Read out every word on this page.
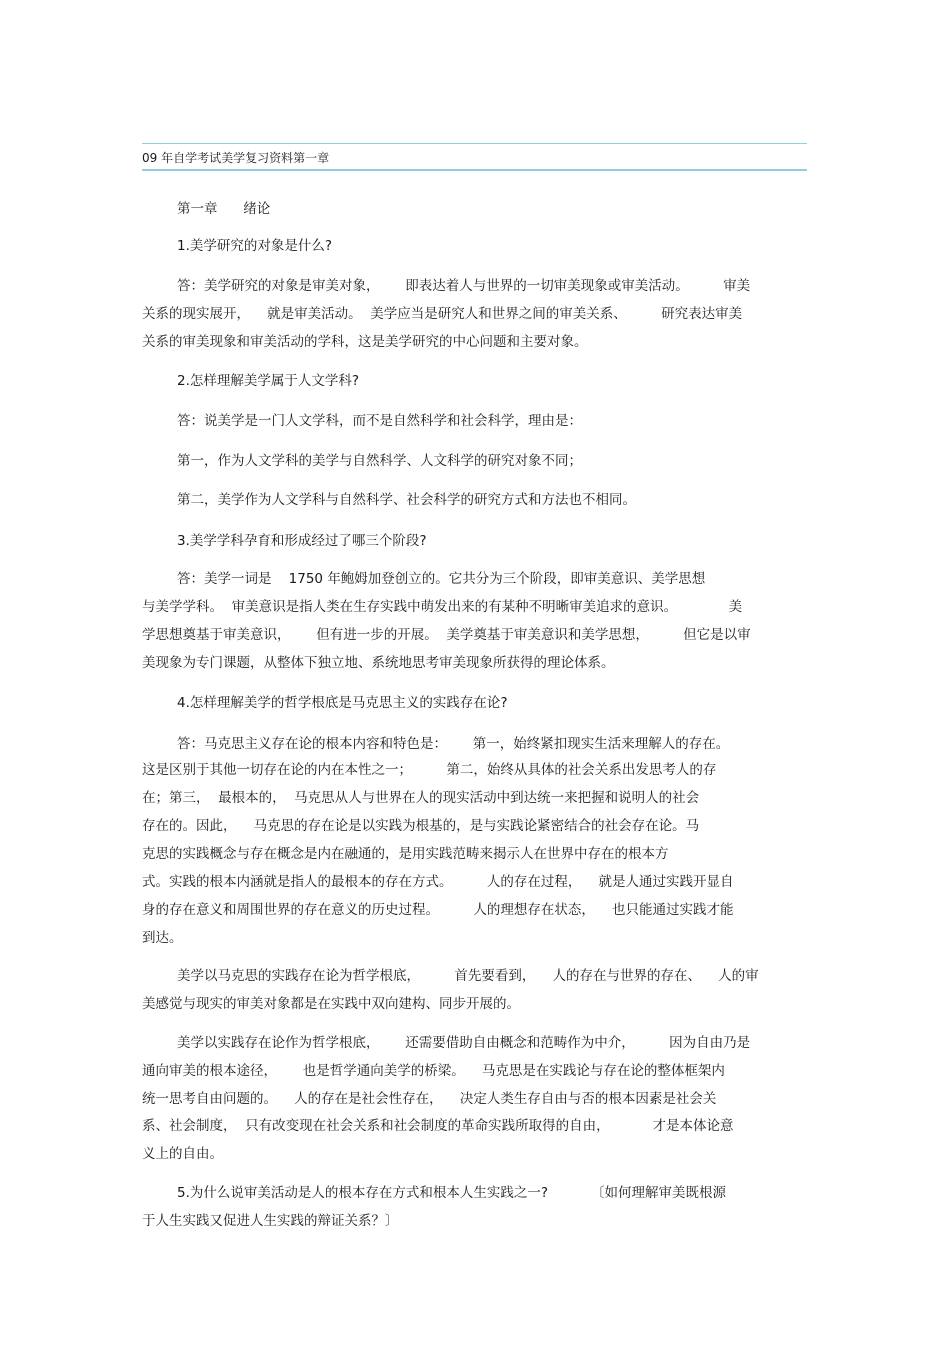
09 年自学考试美学复习资料第一章
第一章      绪论
1.美学研究的对象是什么?
答：美学研究的对象是审美对象，      即表达着人与世界的一切审美现象或审美活动。        审美
关系的现实展开，    就是审美活动。  美学应当是研究人和世界之间的审美关系、        研究表达审美
关系的审美现象和审美活动的学科，这是美学研究的中心问题和主要对象。
2.怎样理解美学属于人文学科?
答：说美学是一门人文学科，而不是自然科学和社会科学，理由是：
第一，作为人文学科的美学与自然科学、人文科学的研究对象不同；
第二，美学作为人文学科与自然科学、社会科学的研究方式和方法也不相同。
3.美学学科孕育和形成经过了哪三个阶段?
答：美学一词是    1750 年鲍姆加登创立的。它共分为三个阶段，即审美意识、美学思想
与美学学科。  审美意识是指人类在生存实践中萌发出来的有某种不明晰审美追求的意识。            美
学思想奠基于审美意识，      但有进一步的开展。  美学奠基于审美意识和美学思想，        但它是以审
美现象为专门课题，从整体下独立地、系统地思考审美现象所获得的理论体系。
4.怎样理解美学的哲学根底是马克思主义的实践存在论?
答：马克思主义存在论的根本内容和特色是：      第一，始终紧扣现实生活来理解人的存在。
这是区别于其他一切存在论的内在本性之一；        第二，始终从具体的社会关系出发思考人的存
在；第三，  最根本的，  马克思从人与世界在人的现实活动中到达统一来把握和说明人的社会
存在的。因此，    马克思的存在论是以实践为根基的，是与实践论紧密结合的社会存在论。马
克思的实践概念与存在概念是内在融通的，是用实践范畴来揭示人在世界中存在的根本方
式。实践的根本内涵就是指人的最根本的存在方式。        人的存在过程，    就是人通过实践开显自
身的存在意义和周围世界的存在意义的历史过程。        人的理想存在状态，    也只能通过实践才能
到达。
美学以马克思的实践存在论为哲学根底，        首先要看到，    人的存在与世界的存在、    人的审
美感觉与现实的审美对象都是在实践中双向建构、同步开展的。
美学以实践存在论作为哲学根底，      还需要借助自由概念和范畴作为中介，        因为自由乃是
通向审美的根本途径，      也是哲学通向美学的桥梁。    马克思是在实践论与存在论的整体框架内
统一思考自由问题的。    人的存在是社会性存在，    决定人类生存自由与否的根本因素是社会关
系、社会制度，  只有改变现在社会关系和社会制度的革命实践所取得的自由，          才是本体论意
义上的自由。
5.为什么说审美活动是人的根本存在方式和根本人生实践之一?          〔如何理解审美既根源
于人生实践又促进人生实践的辩证关系？〕
